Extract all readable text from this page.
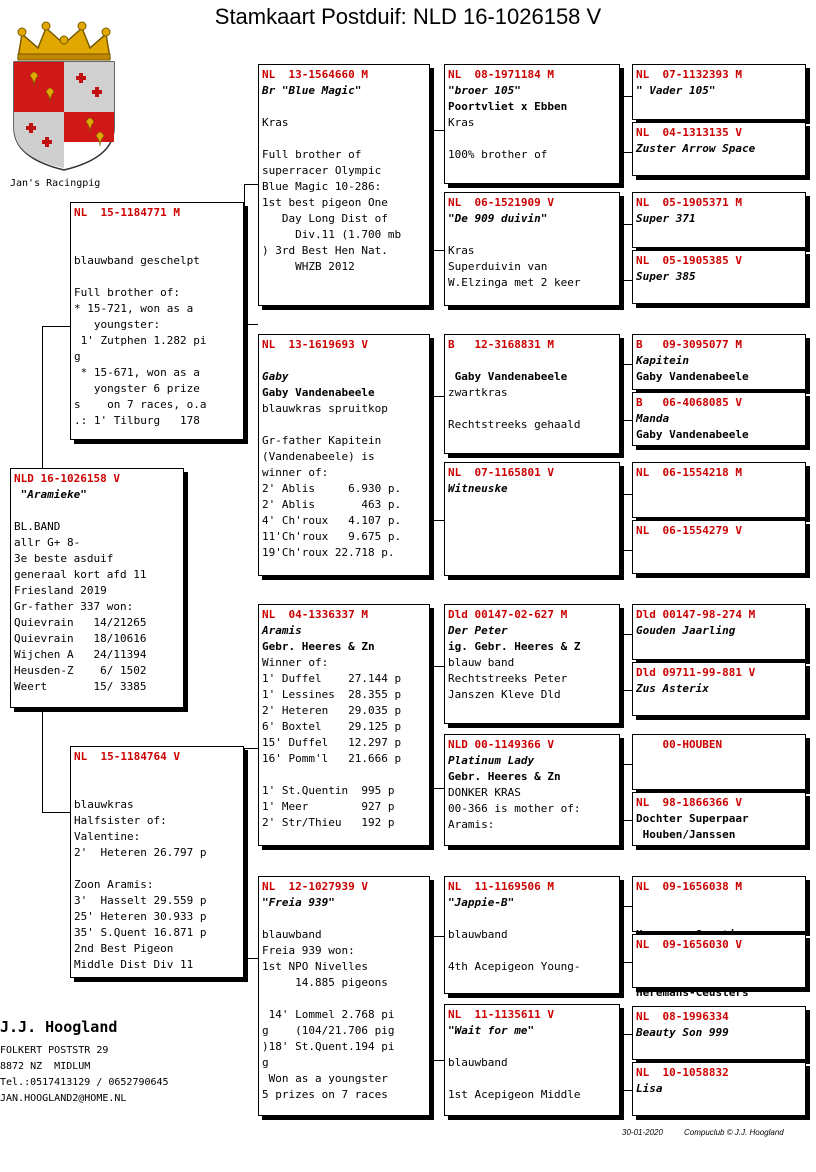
Stamkaart Postduif: NLD 16-1026158 V
Jan's Racingpig
NLD 16-1026158 V
"Aramieke"
BL.BAND
allr G+ 8-
3e beste asduif
generaal kort afd 11
Friesland 2019
Gr-father 337 won:
Quievrain   14/21265
Quievrain   18/10616
Wijchen A   24/11394
Heusden-Z    6/ 1502
Weert       15/ 3385
NL  15-1184771 M
blauwband geschelpt
Full brother of:
* 15-721, won as a
youngster:
1' Zutphen 1.282 pi
g
* 15-671, won as a
yongster 6 prize
s    on 7 races, o.a
.: 1' Tilburg   178
NL  15-1184764 V
blauwkras
Halfsister of:
Valentine:
2'  Heteren 26.797 p
Zoon Aramis:
3'  Hasselt 29.559 p
25' Heteren 30.933 p
35' S.Quent 16.871 p
2nd Best Pigeon
Middle Dist Div 11
NL  13-1564660 M
Br "Blue Magic"
Kras
Full brother of
superracer Olympic
Blue Magic 10-286:
1st best pigeon One
Day Long Dist of
Div.11 (1.700 mb
) 3rd Best Hen Nat.
WHZB 2012
NL  13-1619693 V
Gaby
Gaby Vandenabeele
blauwkras spruitkop
Gr-father Kapitein
(Vandenabeele) is
winner of:
2' Ablis     6.930 p.
2' Ablis       463 p.
4' Ch'roux   4.107 p.
11'Ch'roux   9.675 p.
19'Ch'roux 22.718 p.
NL  04-1336337 M
Aramis
Gebr. Heeres & Zn
Winner of:
1' Duffel    27.144 p
1' Lessines  28.355 p
2' Heteren   29.035 p
6' Boxtel    29.125 p
15' Duffel   12.297 p
16' Pomm'l   21.666 p
1' St.Quentin  995 p
1' Meer        927 p
2' Str/Thieu   192 p
NL  12-1027939 V
"Freia 939"
blauwband
Freia 939 won:
1st NPO Nivelles
14.885 pigeons
14' Lommel 2.768 pi
g    (104/21.706 pig
)18' St.Quent.194 pi
g
Won as a youngster
5 prizes on 7 races
NL  08-1971184 M
"broer 105"
Poortvliet x Ebben
Kras
100% brother of
NL  06-1521909 V
"De 909 duivin"
Kras
Superduivin van
W.Elzinga met 2 keer
B   12-3168831 M
Gaby Vandenabeele
zwartkras
Rechtstreeks gehaald
NL  07-1165801 V
Witneuske
Dld 00147-02-627 M
Der Peter
ig. Gebr. Heeres & Z
blauw band
Rechtstreeks Peter
Janszen Kleve Dld
NLD 00-1149366 V
Platinum Lady
Gebr. Heeres & Zn
DONKER KRAS
00-366 is mother of:
Aramis:
NL  11-1169506 M
"Jappie-B"
blauwband
4th Acepigeon Young-
NL  11-1135611 V
"Wait for me"
blauwband
1st Acepigeon Middle
NL  07-1132393 M
" Vader 105"
NL  04-1313135 V
Zuster Arrow Space
NL  05-1905371 M
Super 371
NL  05-1905385 V
Super 385
B   09-3095077 M
Kapitein
Gaby Vandenabeele
B   06-4068085 V
Manda
Gaby Vandenabeele
NL  06-1554218 M
NL  06-1554279 V
Dld 00147-98-274 M
Gouden Jaarling
Dld 09711-99-881 V
Zus Asterix
00-HOUBEN
NL  98-1866366 V
Dochter Superpaar
Houben/Janssen
NL  09-1656038 M
NL  09-1656030 V
Heremans-Ceusters
NL  08-1996334
Beauty Son 999
NL  10-1058832
Lisa
J.J. Hoogland
FOLKERT POSTSTR 29
8872 NZ  MIDLUM
Tel.:0517413129 / 0652790645
JAN.HOOGLAND2@HOME.NL
30-01-2020	Compuclub © J.J. Hoogland
